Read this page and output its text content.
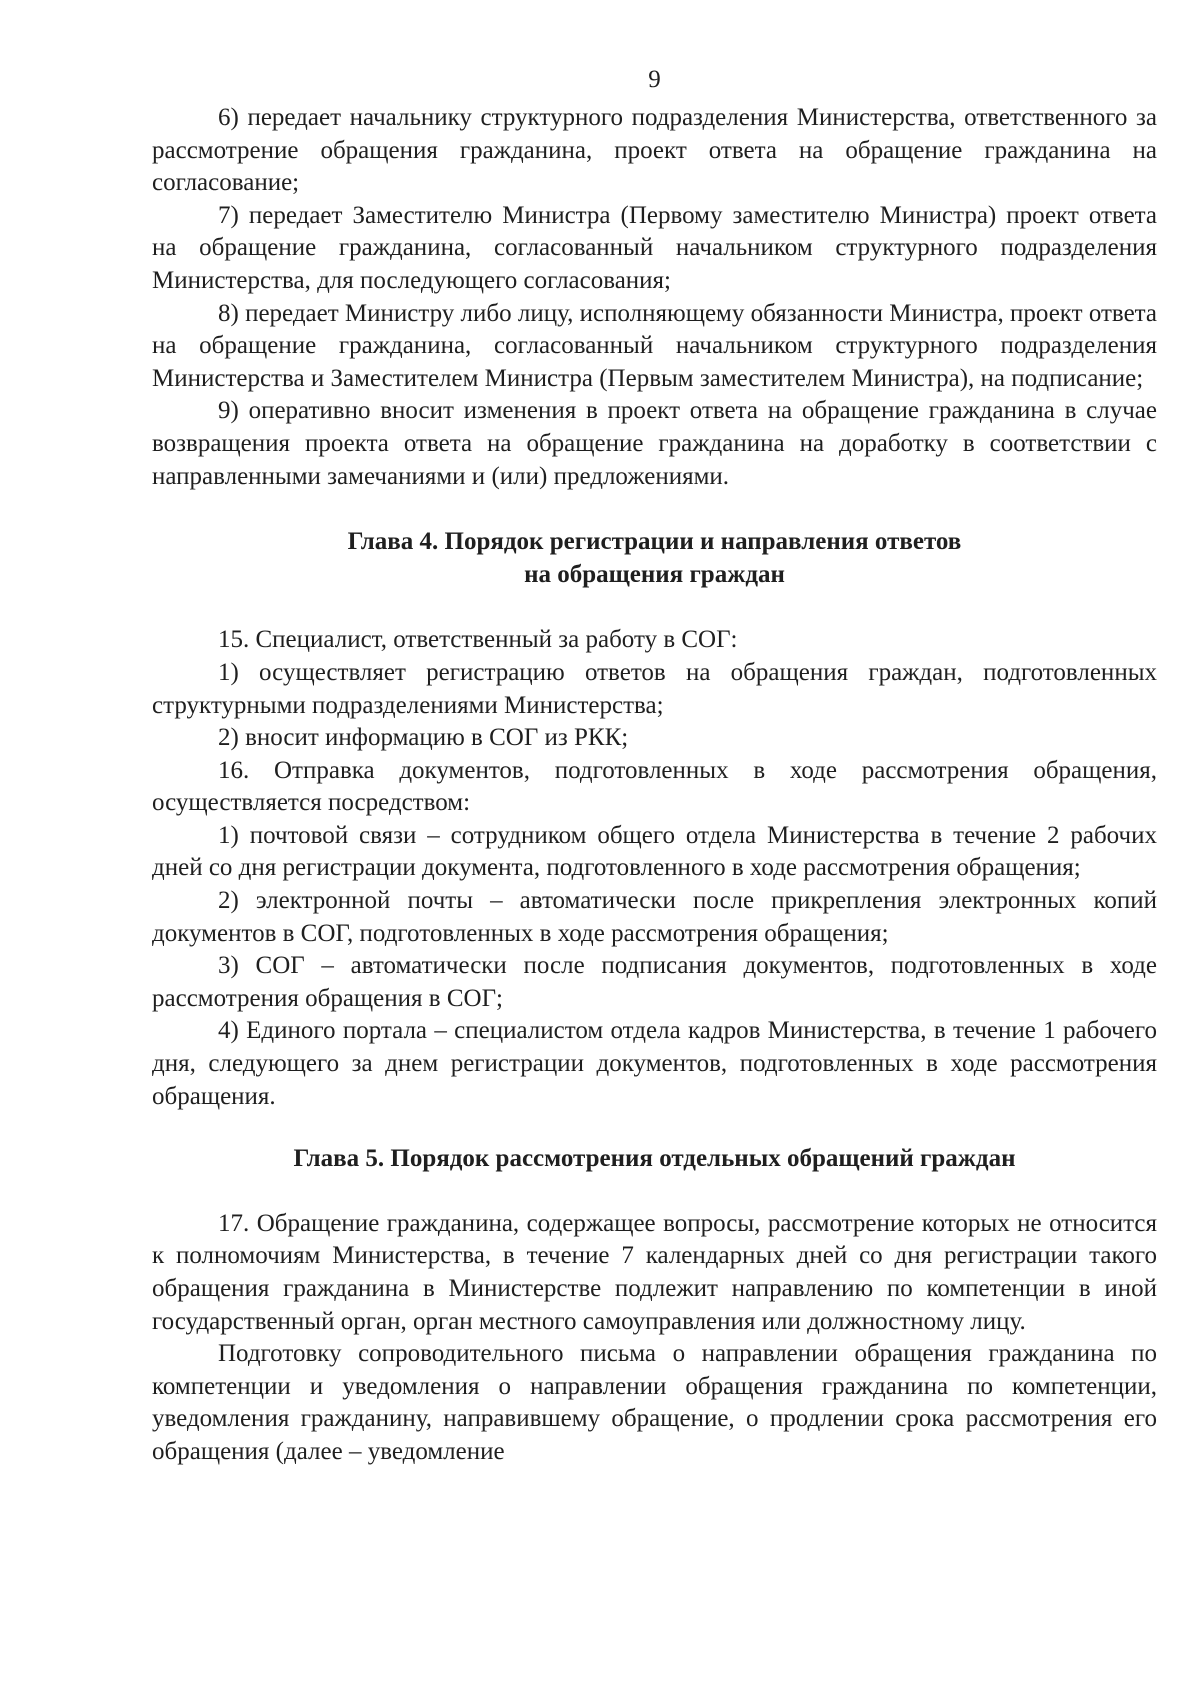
9

6) передает начальнику структурного подразделения Министерства, ответственного за рассмотрение обращения гражданина, проект ответа на обращение гражданина на согласование;

7) передает Заместителю Министра (Первому заместителю Министра) проект ответа на обращение гражданина, согласованный начальником структурного подразделения Министерства, для последующего согласования;

8) передает Министру либо лицу, исполняющему обязанности Министра, проект ответа на обращение гражданина, согласованный начальником структурного подразделения Министерства и Заместителем Министра (Первым заместителем Министра), на подписание;

9) оперативно вносит изменения в проект ответа на обращение гражданина в случае возвращения проекта ответа на обращение гражданина на доработку в соответствии с направленными замечаниями и (или) предложениями.

Глава 4. Порядок регистрации и направления ответов

на обращения граждан

15. Специалист, ответственный за работу в СОГ:

1) осуществляет регистрацию ответов на обращения граждан, подготовленных структурными подразделениями Министерства;

2) вносит информацию в СОГ из РКК;

16. Отправка документов, подготовленных в ходе рассмотрения обращения, осуществляется посредством:

1) почтовой связи – сотрудником общего отдела Министерства в течение 2 рабочих дней со дня регистрации документа, подготовленного в ходе рассмотрения обращения;

2) электронной почты – автоматически после прикрепления электронных копий документов в СОГ, подготовленных в ходе рассмотрения обращения;

3) СОГ – автоматически после подписания документов, подготовленных в ходе рассмотрения обращения в СОГ;

4) Единого портала – специалистом отдела кадров Министерства, в течение 1 рабочего дня, следующего за днем регистрации документов, подготовленных в ходе рассмотрения обращения.

Глава 5. Порядок рассмотрения отдельных обращений граждан

17. Обращение гражданина, содержащее вопросы, рассмотрение которых не относится к полномочиям Министерства, в течение 7 календарных дней со дня регистрации такого обращения гражданина в Министерстве подлежит направлению по компетенции в иной государственный орган, орган местного самоуправления или должностному лицу.

Подготовку сопроводительного письма о направлении обращения гражданина по компетенции и уведомления о направлении обращения гражданина по компетенции, уведомления гражданину, направившему обращение, о продлении срока рассмотрения его обращения (далее – уведомление
